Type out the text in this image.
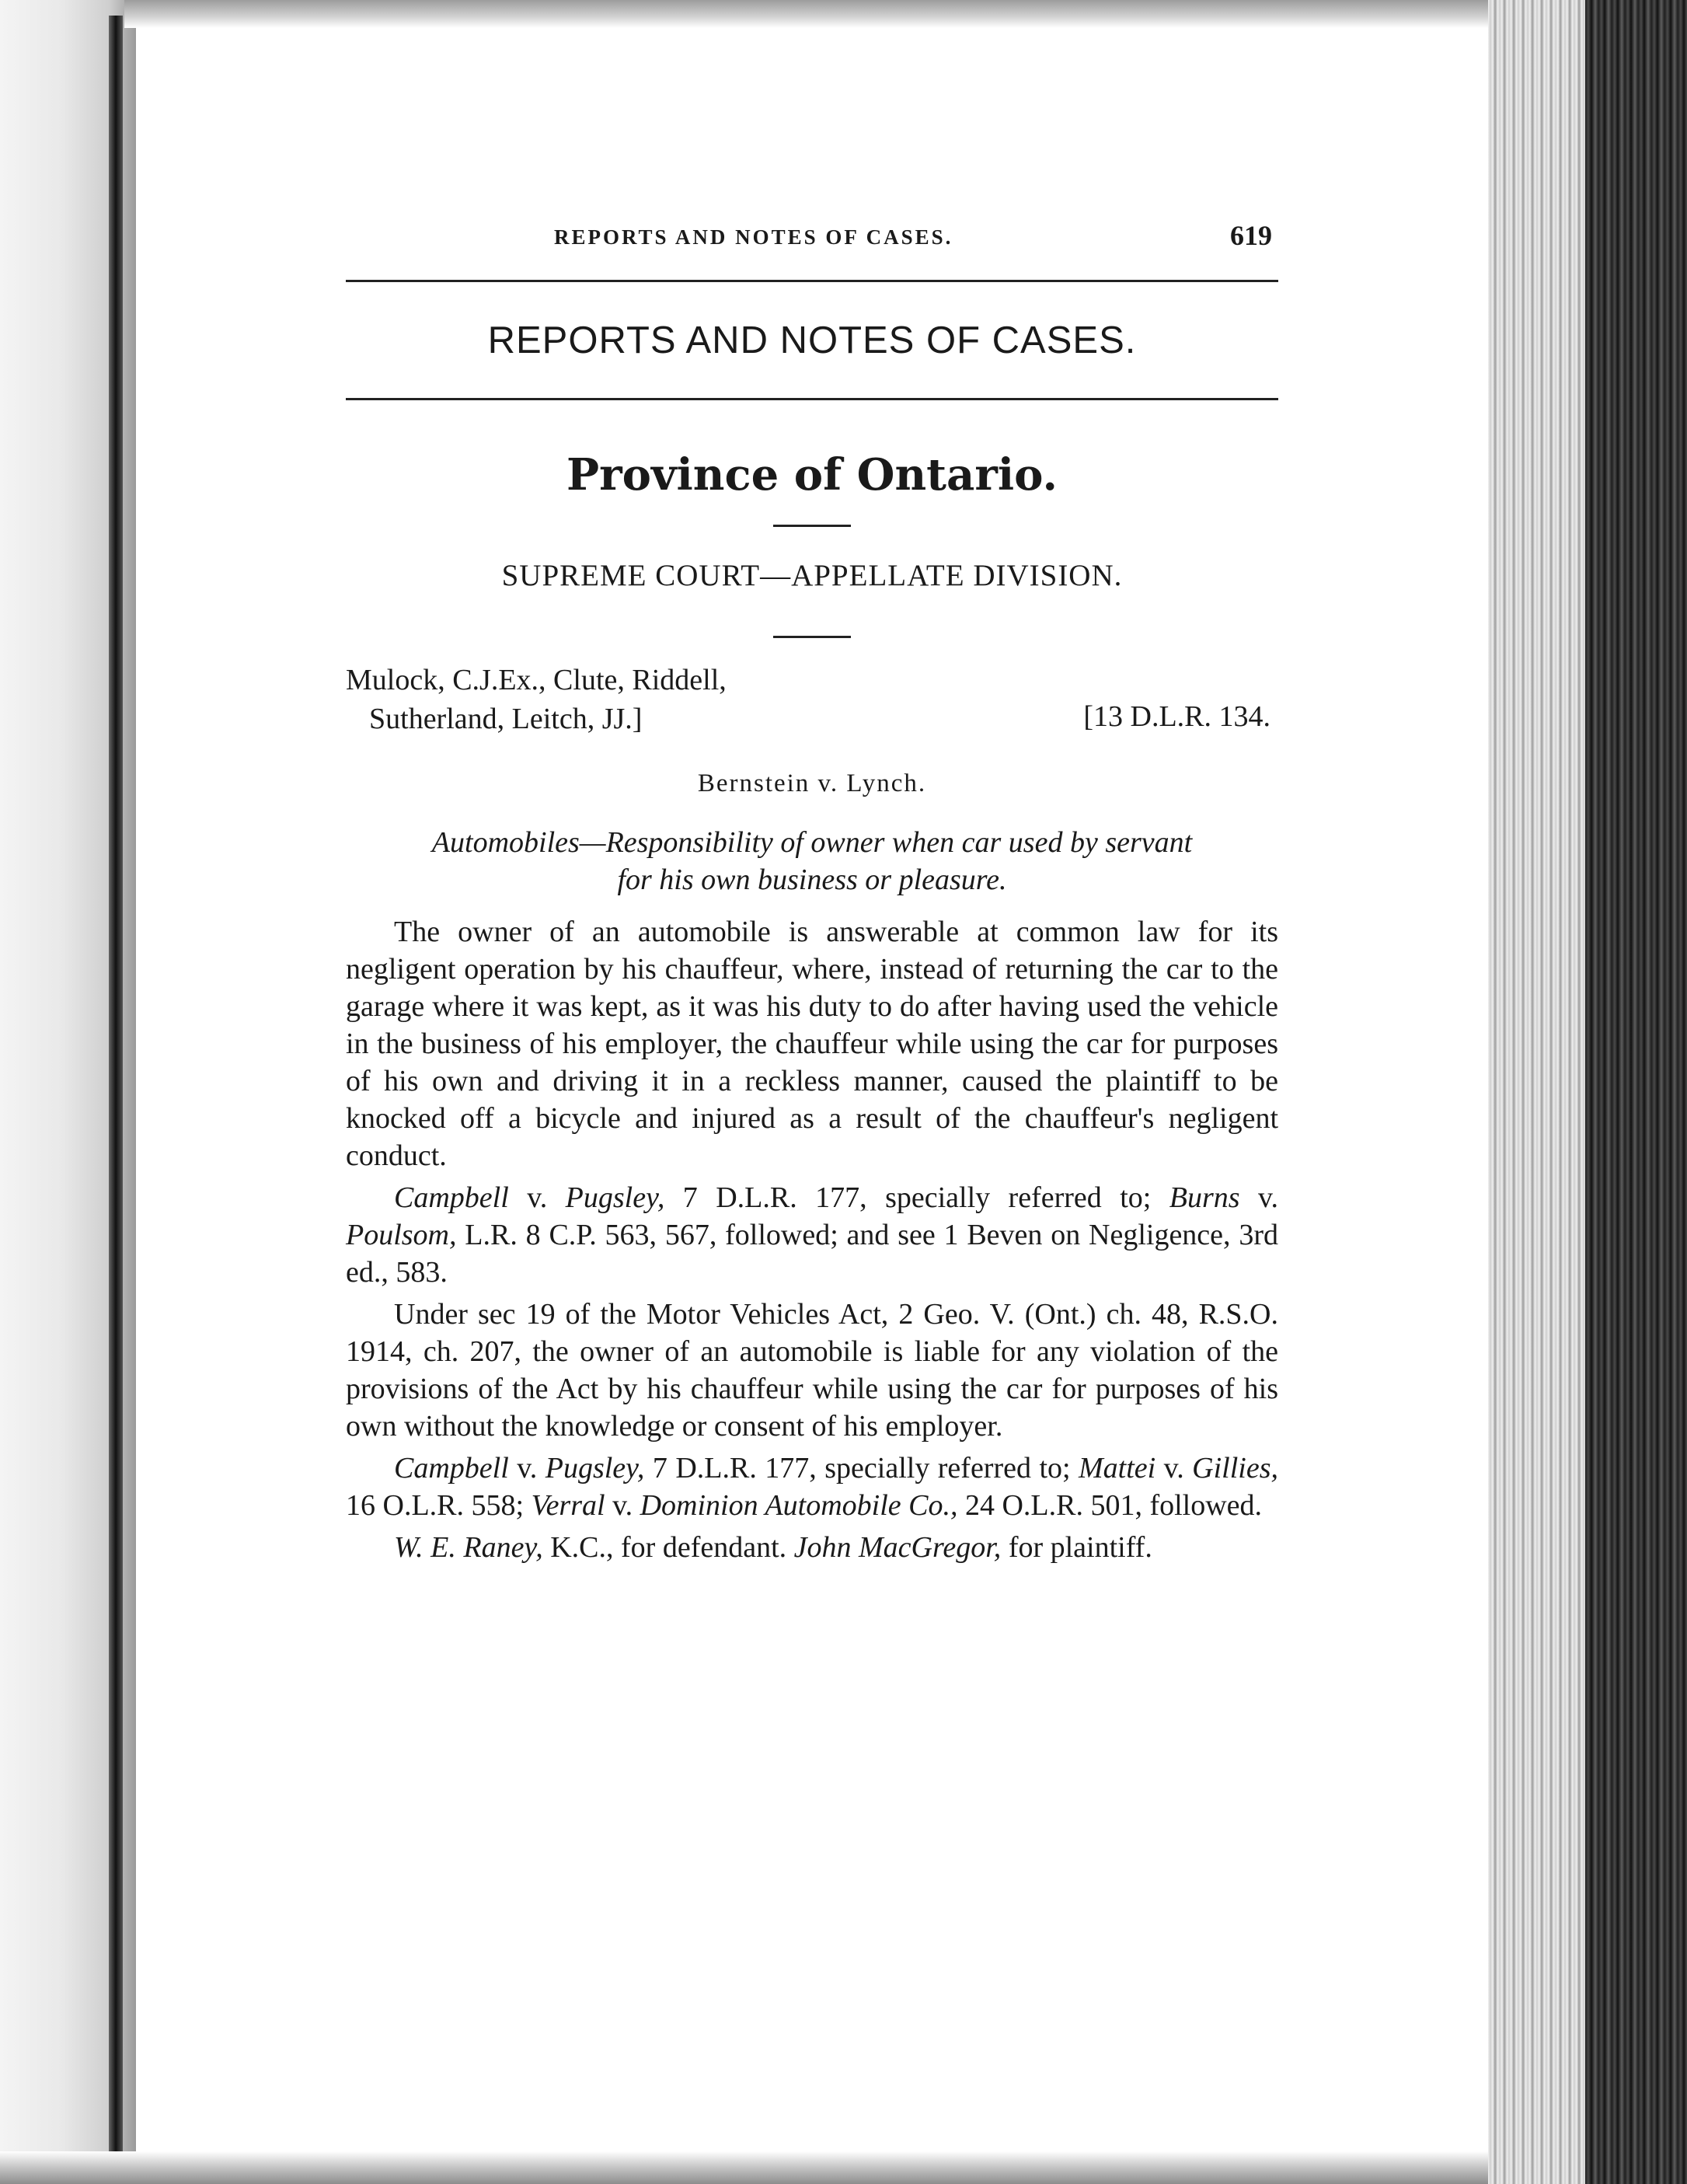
REPORTS AND NOTES OF CASES.	619
REPORTS AND NOTES OF CASES.
Province of Ontario.
SUPREME COURT—APPELLATE DIVISION.
Mulock, C.J.Ex., Clute, Riddell,
Sutherland, Leitch, JJ.]	[13 D.L.R. 134.
Bernstein v. Lynch.
Automobiles—Responsibility of owner when car used by servant
for his own business or pleasure.

The owner of an automobile is answerable at common law for its negligent operation by his chauffeur, where, instead of returning the car to the garage where it was kept, as it was his duty to do after having used the vehicle in the business of his employer, the chauffeur while using the car for purposes of his own and driving it in a reckless manner, caused the plaintiff to be knocked off a bicycle and injured as a result of the chauffeur's negligent conduct.

Campbell v. Pugsley, 7 D.L.R. 177, specially referred to; Burns v. Poulsom, L.R. 8 C.P. 563, 567, followed; and see 1 Beven on Negligence, 3rd ed., 583.

Under sec 19 of the Motor Vehicles Act, 2 Geo. V. (Ont.) ch. 48, R.S.O. 1914, ch. 207, the owner of an automobile is liable for any violation of the provisions of the Act by his chauffeur while using the car for purposes of his own without the knowledge or consent of his employer.

Campbell v. Pugsley, 7 D.L.R. 177, specially referred to; Mattei v. Gillies, 16 O.L.R. 558; Verral v. Dominion Automobile Co., 24 O.L.R. 501, followed.

W. E. Raney, K.C., for defendant. John MacGregor, for plaintiff.
